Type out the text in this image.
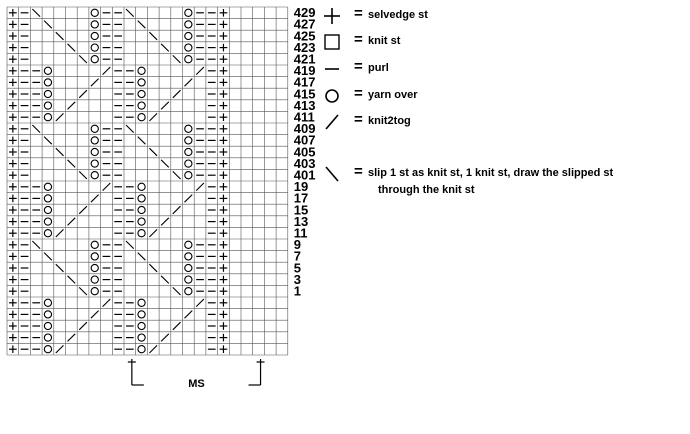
429
427
425
423
421
419
417
415
413
411
409
407
405
403
401
19
17
15
13
11
9
7
5
3
1
MS
= selvedge st
= knit st
= purl
= yarn over
= knit2tog
= slip 1 st as knit st, 1 knit st, draw the slipped st
through the knit st
